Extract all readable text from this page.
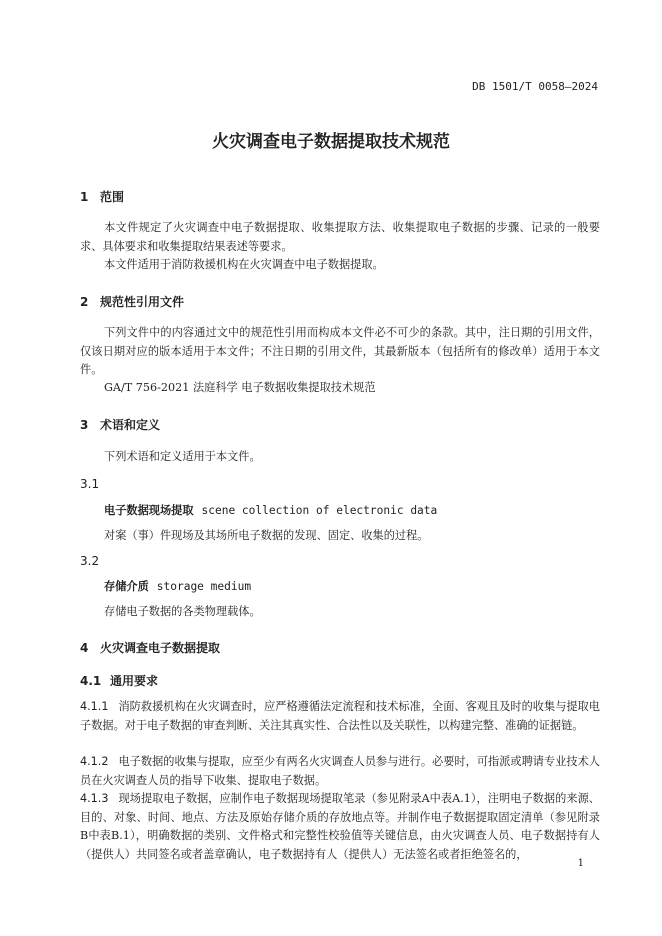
DB 1501/T 0058—2024
火灾调查电子数据提取技术规范
1 范围
本文件规定了火灾调查中电子数据提取、收集提取方法、收集提取电子数据的步骤、记录的一般要求、具体要求和收集提取结果表述等要求。
本文件适用于消防救援机构在火灾调查中电子数据提取。
2 规范性引用文件
下列文件中的内容通过文中的规范性引用而构成本文件必不可少的条款。其中，注日期的引用文件，仅该日期对应的版本适用于本文件；不注日期的引用文件，其最新版本（包括所有的修改单）适用于本文件。
GA/T 756-2021 法庭科学 电子数据收集提取技术规范
3 术语和定义
下列术语和定义适用于本文件。
3.1
电子数据现场提取 scene collection of electronic data
对案（事）件现场及其场所电子数据的发现、固定、收集的过程。
3.2
存储介质 storage medium
存储电子数据的各类物理载体。
4 火灾调查电子数据提取
4.1 通用要求
4.1.1 消防救援机构在火灾调查时，应严格遵循法定流程和技术标准，全面、客观且及时的收集与提取电子数据。对于电子数据的审查判断、关注其真实性、合法性以及关联性，以构建完整、准确的证据链。
4.1.2 电子数据的收集与提取，应至少有两名火灾调查人员参与进行。必要时，可指派或聘请专业技术人员在火灾调查人员的指导下收集、提取电子数据。
4.1.3 现场提取电子数据，应制作电子数据现场提取笔录（参见附录A中表A.1），注明电子数据的来源、目的、对象、时间、地点、方法及原始存储介质的存放地点等。并制作电子数据提取固定清单（参见附录B中表B.1），明确数据的类别、文件格式和完整性校验值等关键信息，由火灾调查人员、电子数据持有人（提供人）共同签名或者盖章确认，电子数据持有人（提供人）无法签名或者拒绝签名的，
1
